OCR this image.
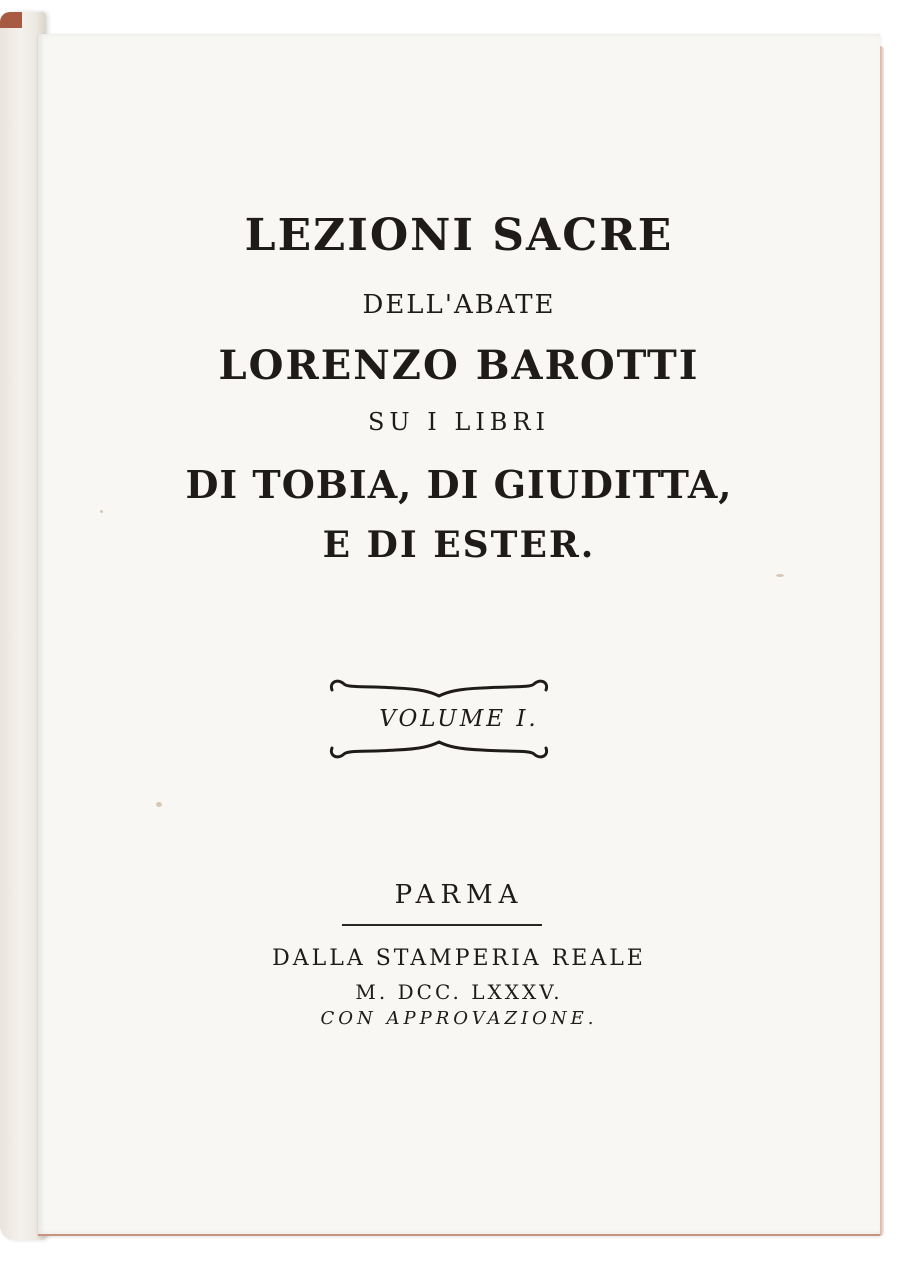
LEZIONI SACRE
DELL'ABATE
LORENZO BAROTTI
SU I LIBRI
DI TOBIA, DI GIUDITTA,
E DI ESTER.
VOLUME I.
PARMA
DALLA STAMPERIA REALE
M. DCC. LXXXV.
CON APPROVAZIONE.
